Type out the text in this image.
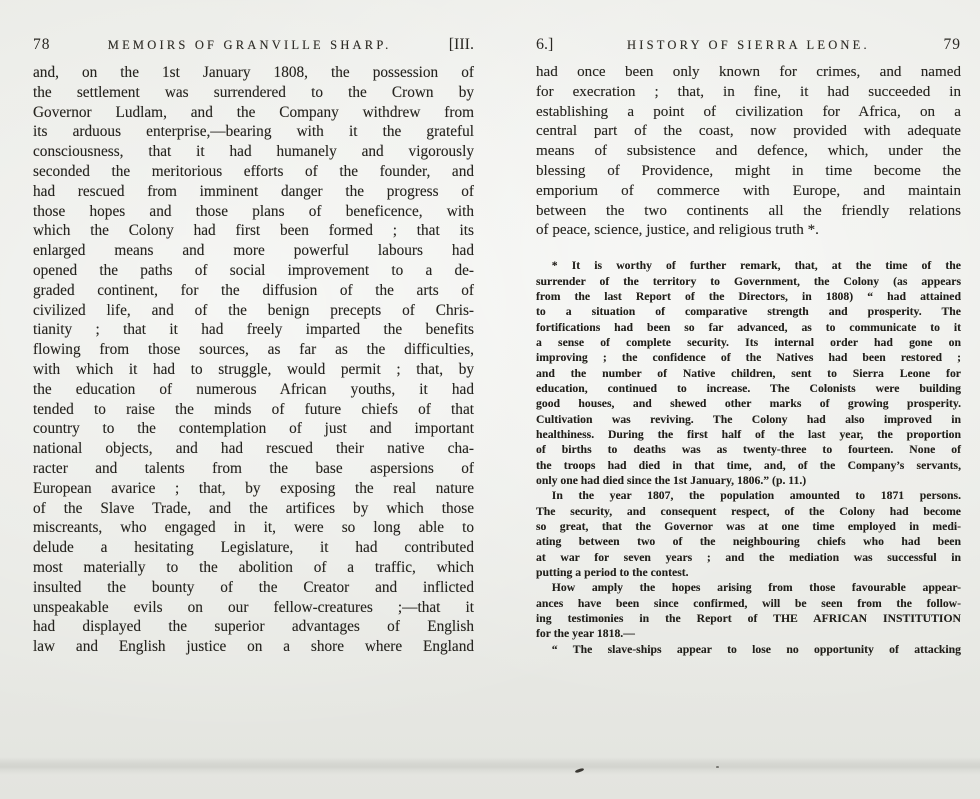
78	MEMOIRS OF GRANVILLE SHARP.	[III.
and, on the 1st January 1808, the possession of
the settlement was surrendered to the Crown by
Governor Ludlam, and the Company withdrew from
its arduous enterprise,—bearing with it the grateful
consciousness, that it had humanely and vigorously
seconded the meritorious efforts of the founder, and
had rescued from imminent danger the progress of
those hopes and those plans of beneficence, with
which the Colony had first been formed ; that its
enlarged means and more powerful labours had
opened the paths of social improvement to a de-
graded continent, for the diffusion of the arts of
civilized life, and of the benign precepts of Chris-
tianity ; that it had freely imparted the benefits
flowing from those sources, as far as the difficulties,
with which it had to struggle, would permit ; that, by
the education of numerous African youths, it had
tended to raise the minds of future chiefs of that
country to the contemplation of just and important
national objects, and had rescued their native cha-
racter and talents from the base aspersions of
European avarice ; that, by exposing the real nature
of the Slave Trade, and the artifices by which those
miscreants, who engaged in it, were so long able to
delude a hesitating Legislature, it had contributed
most materially to the abolition of a traffic, which
insulted the bounty of the Creator and inflicted
unspeakable evils on our fellow-creatures ;—that it
had displayed the superior advantages of English
law and English justice on a shore where England
6.]	HISTORY OF SIERRA LEONE.	79
had once been only known for crimes, and named
for execration ; that, in fine, it had succeeded in
establishing a point of civilization for Africa, on a
central part of the coast, now provided with adequate
means of subsistence and defence, which, under the
blessing of Providence, might in time become the
emporium of commerce with Europe, and maintain
between the two continents all the friendly relations
of peace, science, justice, and religious truth *.
* It is worthy of further remark, that, at the time of the
surrender of the territory to Government, the Colony (as appears
from the last Report of the Directors, in 1808) “ had attained
to a situation of comparative strength and prosperity. The
fortifications had been so far advanced, as to communicate to it
a sense of complete security. Its internal order had gone on
improving ; the confidence of the Natives had been restored ;
and the number of Native children, sent to Sierra Leone for
education, continued to increase. The Colonists were building
good houses, and shewed other marks of growing prosperity.
Cultivation was reviving. The Colony had also improved in
healthiness. During the first half of the last year, the proportion
of births to deaths was as twenty-three to fourteen. None of
the troops had died in that time, and, of the Company’s servants,
only one had died since the 1st January, 1806.” (p. 11.)
In the year 1807, the population amounted to 1871 persons.
The security, and consequent respect, of the Colony had become
so great, that the Governor was at one time employed in medi-
ating between two of the neighbouring chiefs who had been
at war for seven years ; and the mediation was successful in
putting a period to the contest.
How amply the hopes arising from those favourable appear-
ances have been since confirmed, will be seen from the follow-
ing testimonies in the Report of THE AFRICAN INSTITUTION
for the year 1818.—
“ The slave-ships appear to lose no opportunity of attacking
